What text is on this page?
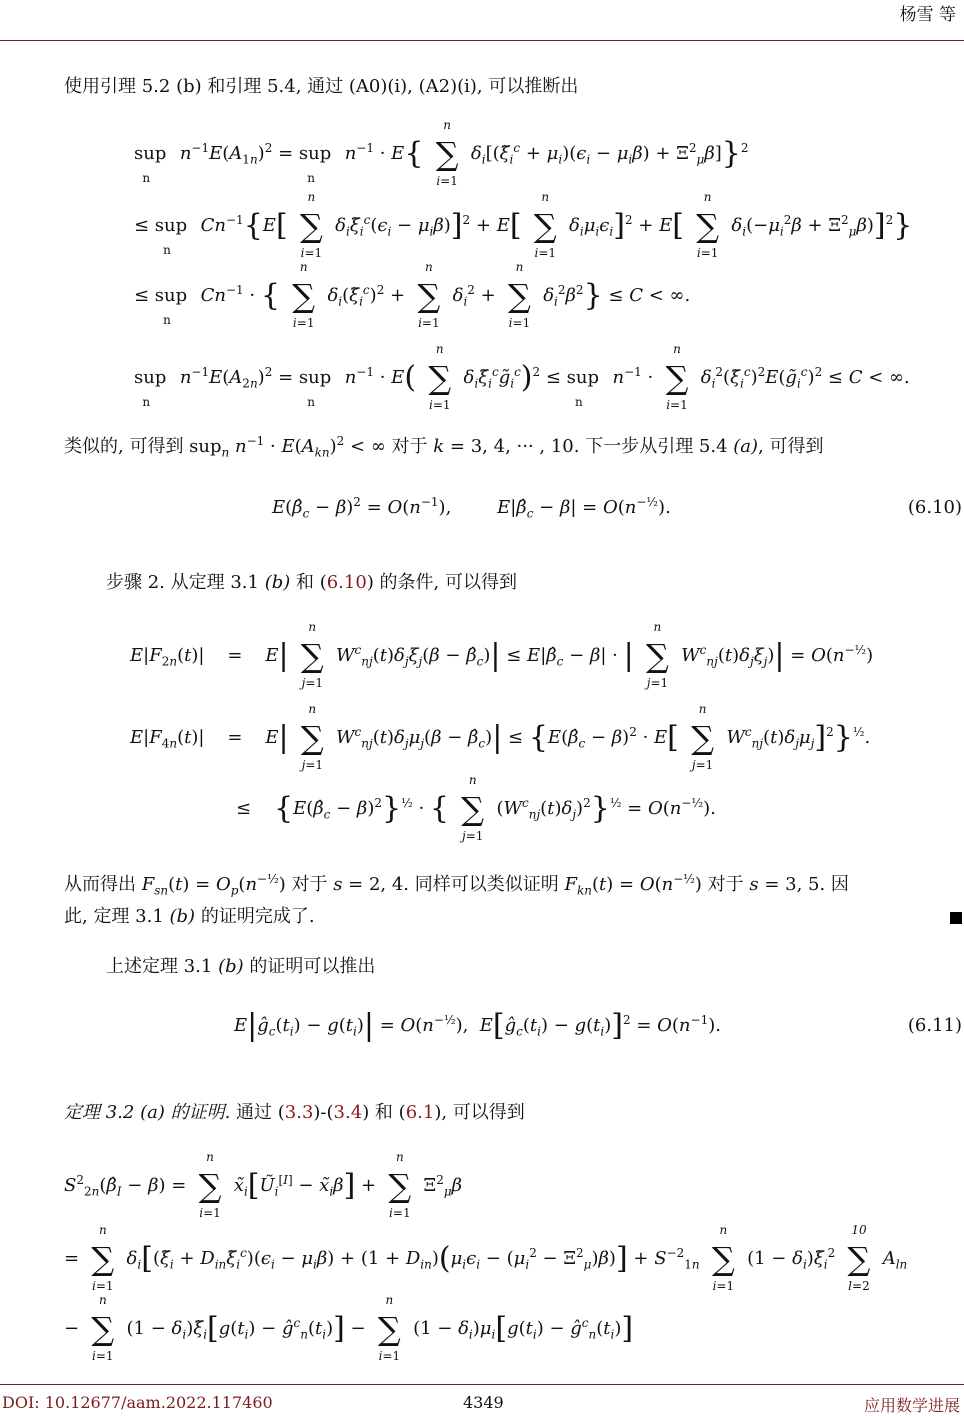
杨雪 等
使用引理 5.2 (b) 和引理 5.4, 通过 (A0)(i), (A2)(i), 可以推断出
sup$_n$ $n^{-1}E(A_{1n})^2 = sup_n$ $n^{-1} \cdot E${
n
∑
i=1
$\delta_i[(\xĩ_i^c + \mu_i)(\epsilon_i - \mu_i\beta) + \Xi^2_\mu\beta]\}^2$
≤ sup$_n$ $Cn^{-1}\{E$[
n
∑
i=1
$\delta_i\xĩ_i^c(\epsilon_i - \mu_i\beta)]^2 + E$[
n
∑
i=1
$\delta_i\mu_i\epsilon_i]^2 + E$[
n
∑
i=1
$\delta_i(-\mu_i^2\beta + \Xi^2_\mu\beta)]^2$}
≤ sup$_n$ $Cn^{-1}$ · {
n
∑
i=1
$\delta_i(\xĩ_i^c)^2$ +
n
∑
i=1
$\delta_i^2$ +
n
∑
i=1
$\delta_i^2\beta^2\} \le C$ < ∞.
sup$_n$ $n^{-1}E(A_{2n})^2 = sup_n$ $n^{-1} \cdot E$(
n
∑
i=1
$\delta_i\xĩ_i^cg̃_i^c)^2 \le sup_n$ $n^{-1}$ ·
n
∑
i=1
$\delta_i^2(\xĩ_i^c)^2E(g̃_i^c)^2 \le C$ < ∞.
类似的, 可得到 sup$_n$ $n^{-1} \cdot E(A_{kn})^2$ < ∞ 对于 k = 3, 4, ··· , 10. 下一步从引理 5.4 (a), 可得到
$E(\betâ_c - \beta)^2 = O(n^{-1})$,        $E|\betâ_c - \beta| = O(n^{-\frac{1}{2}})$.	(6.10)
步骤 2. 从定理 3.1 (b) 和 (6.10) 的条件, 可以得到
$E|F_{2n}(t)|$    =    E|
n
∑
j=1
$W^c_{nj}(t)\delta_j\xi_j(\beta$ − $\betâ_c)|$ ≤ $E|\betâ_c - \beta|$ · |
n
∑
j=1
$W^c_{nj}(t)\delta_j\xi_j)| = O(n^{-\frac{1}{2}})$
$E|F_{4n}(t)|$    =    E|
n
∑
j=1
$W^c_{nj}(t)\delta_j\mu_j(\beta$ − $\betâ_c)|$ ≤ {$E(\betâ_c - \beta)^2 \cdot E$[
n
∑
j=1
$W^c_{nj}(t)\delta_j\mu_j]^2\}^{\frac{1}{2}}$.
≤    $\{E(\betâ_c - \beta)^2\}^{\frac{1}{2}}$ · {
n
∑
j=1
$(W^c_{nj}(t)\delta_j)^2\}^{\frac{1}{2}} = O(n^{-\frac{1}{2}})$.
从而得出 $F_{sn}(t) = O_p(n^{-\frac{1}{2}})$ 对于 s = 2, 4. 同样可以类似证明 $F_{kn}(t) = O(n^{-\frac{1}{2}})$ 对于 s = 3, 5. 因
此, 定理 3.1 (b) 的证明完成了.
上述定理 3.1 (b) 的证明可以推出
$E|ĝ_c(t_i) - g(t_i)| = O(n^{-\frac{1}{2}})$,  $E[ĝ_c(t_i) - g(t_i)]^2 = O(n^{-1})$.	(6.11)
定理 3.2 (a) 的证明. 通过 (3.3)-(3.4) 和 (6.1), 可以得到
$S^2_{2n}(\betâ_I - \beta)$ =
n
∑
i=1
$x̃_i[Ũ_i[I]$ − $x̃_i\beta$] +
n
∑
i=1
$\Xi^2_\mu\beta$
=
n
∑
i=1
$\delta_i[(\xĩ_i$ + $D_{in}\xĩ_i^c)(\epsilon_i - \mu_i\beta) + (1 + D_{in})(\mu_i\epsilon_i - (\mu_i^2 - \Xi^2_\mu)\beta)] + S^{-2}_{1n}$
n
∑
i=1
$(1 - \delta_i)\xĩ_i^2$
10
∑
l=2
$A_{ln}$
−
n
∑
i=1
$(1 - \delta_i)\xĩ_i[g(t_i)$ − $ĝ^c_n(t_i)$] −
n
∑
i=1
$(1 - \delta_i)\mu_i[g(t_i)$ − $ĝ^c_n(t_i)$]
DOI: 10.12677/aam.2022.117460	4349	应用数学进展
